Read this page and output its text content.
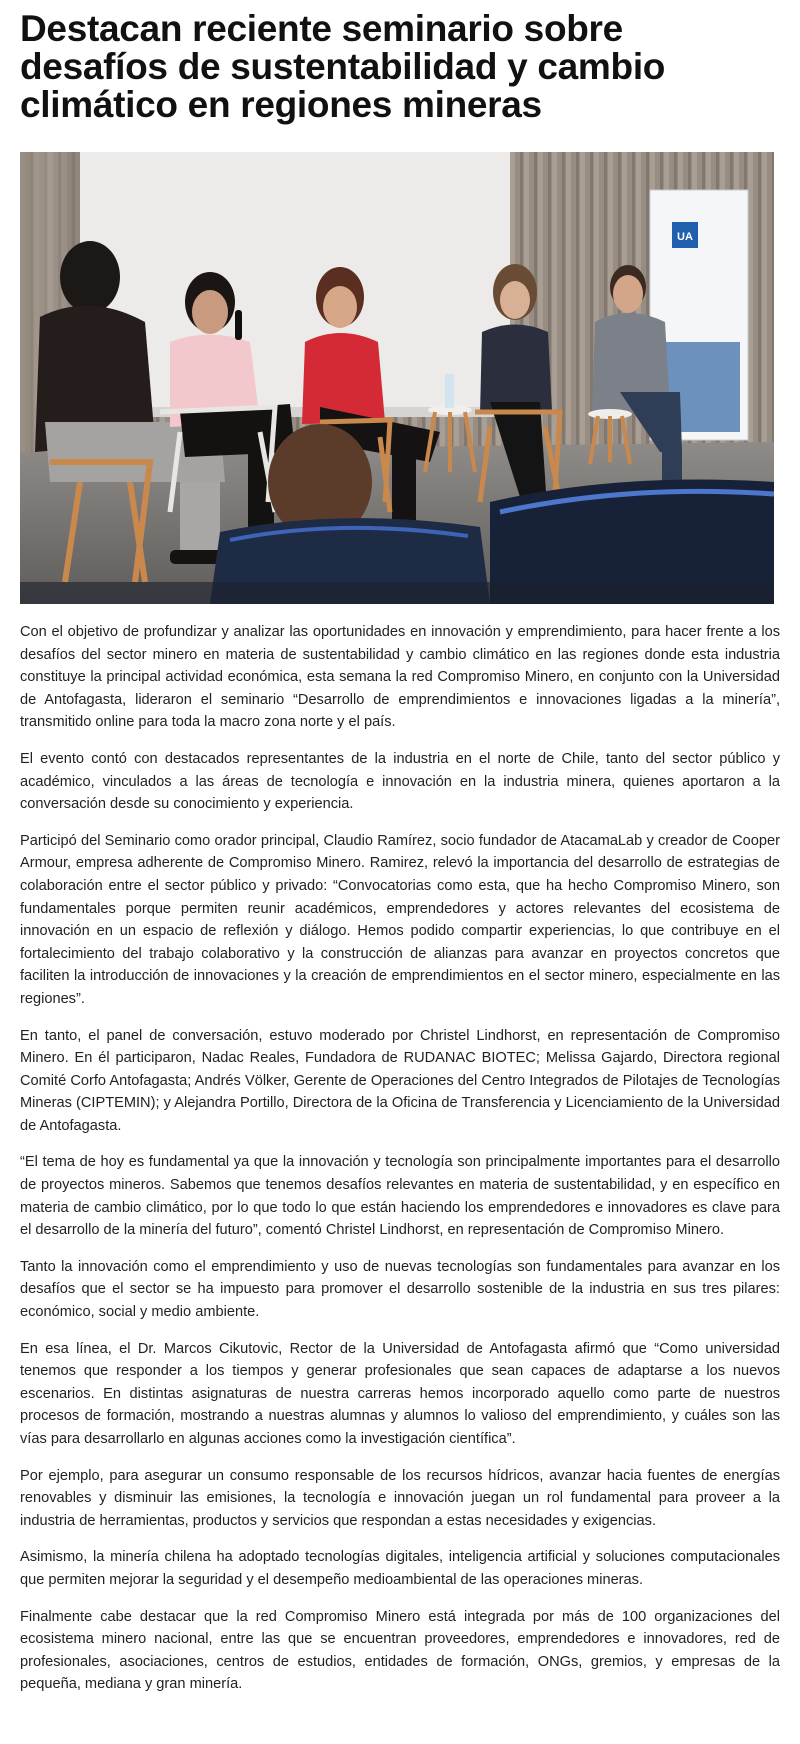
Destacan reciente seminario sobre desafíos de sustentabilidad y cambio climático en regiones mineras
UA

Con el objetivo de profundizar y analizar las oportunidades en innovación y emprendimiento, para hacer frente a los desafíos del sector minero en materia de sustentabilidad y cambio climático en las regiones donde esta industria constituye la principal actividad económica, esta semana la red Compromiso Minero, en conjunto con la Universidad de Antofagasta, lideraron el seminario “Desarrollo de emprendimientos e innovaciones ligadas a la minería”, transmitido online para toda la macro zona norte y el país.

El evento contó con destacados representantes de la industria en el norte de Chile, tanto del sector público y académico, vinculados a las áreas de tecnología e innovación en la industria minera, quienes aportaron a la conversación desde su conocimiento y experiencia.

Participó del Seminario como orador principal, Claudio Ramírez, socio fundador de AtacamaLab y creador de Cooper Armour, empresa adherente de Compromiso Minero. Ramirez, relevó la importancia del desarrollo de estrategias de colaboración entre el sector público y privado: “Convocatorias como esta, que ha hecho Compromiso Minero, son fundamentales porque permiten reunir académicos, emprendedores y actores relevantes del ecosistema de innovación en un espacio de reflexión y diálogo. Hemos podido compartir experiencias, lo que contribuye en el fortalecimiento del trabajo colaborativo y la construcción de alianzas para avanzar en proyectos concretos que faciliten la introducción de innovaciones y la creación de emprendimientos en el sector minero, especialmente en las regiones”.

En tanto, el panel de conversación, estuvo moderado por Christel Lindhorst, en representación de Compromiso Minero. En él participaron, Nadac Reales, Fundadora de RUDANAC BIOTEC; Melissa Gajardo, Directora regional Comité Corfo Antofagasta; Andrés Völker, Gerente de Operaciones del Centro Integrados de Pilotajes de Tecnologías Mineras (CIPTEMIN); y Alejandra Portillo, Directora de la Oficina de Transferencia y Licenciamiento de la Universidad de Antofagasta.

“El tema de hoy es fundamental ya que la innovación y tecnología son principalmente importantes para el desarrollo de proyectos mineros. Sabemos que tenemos desafíos relevantes en materia de sustentabilidad, y en específico en materia de cambio climático, por lo que todo lo que están haciendo los emprendedores e innovadores es clave para el desarrollo de la minería del futuro”, comentó Christel Lindhorst, en representación de Compromiso Minero.

Tanto la innovación como el emprendimiento y uso de nuevas tecnologías son fundamentales para avanzar en los desafíos que el sector se ha impuesto para promover el desarrollo sostenible de la industria en sus tres pilares: económico, social y medio ambiente.

En esa línea, el Dr. Marcos Cikutovic, Rector de la Universidad de Antofagasta afirmó que “Como universidad tenemos que responder a los tiempos y generar profesionales que sean capaces de adaptarse a los nuevos escenarios. En distintas asignaturas de nuestra carreras hemos incorporado aquello como parte de nuestros procesos de formación, mostrando a nuestras alumnas y alumnos lo valioso del emprendimiento, y cuáles son las vías para desarrollarlo en algunas acciones como la investigación científica”.

Por ejemplo, para asegurar un consumo responsable de los recursos hídricos, avanzar hacia fuentes de energías renovables y disminuir las emisiones, la tecnología e innovación juegan un rol fundamental para proveer a la industria de herramientas, productos y servicios que respondan a estas necesidades y exigencias.

Asimismo, la minería chilena ha adoptado tecnologías digitales, inteligencia artificial y soluciones computacionales que permiten mejorar la seguridad y el desempeño medioambiental de las operaciones mineras.

Finalmente cabe destacar que la red Compromiso Minero está integrada por más de 100 organizaciones del ecosistema minero nacional, entre las que se encuentran proveedores, emprendedores e innovadores, red de profesionales, asociaciones, centros de estudios, entidades de formación, ONGs, gremios, y empresas de la pequeña, mediana y gran minería.
